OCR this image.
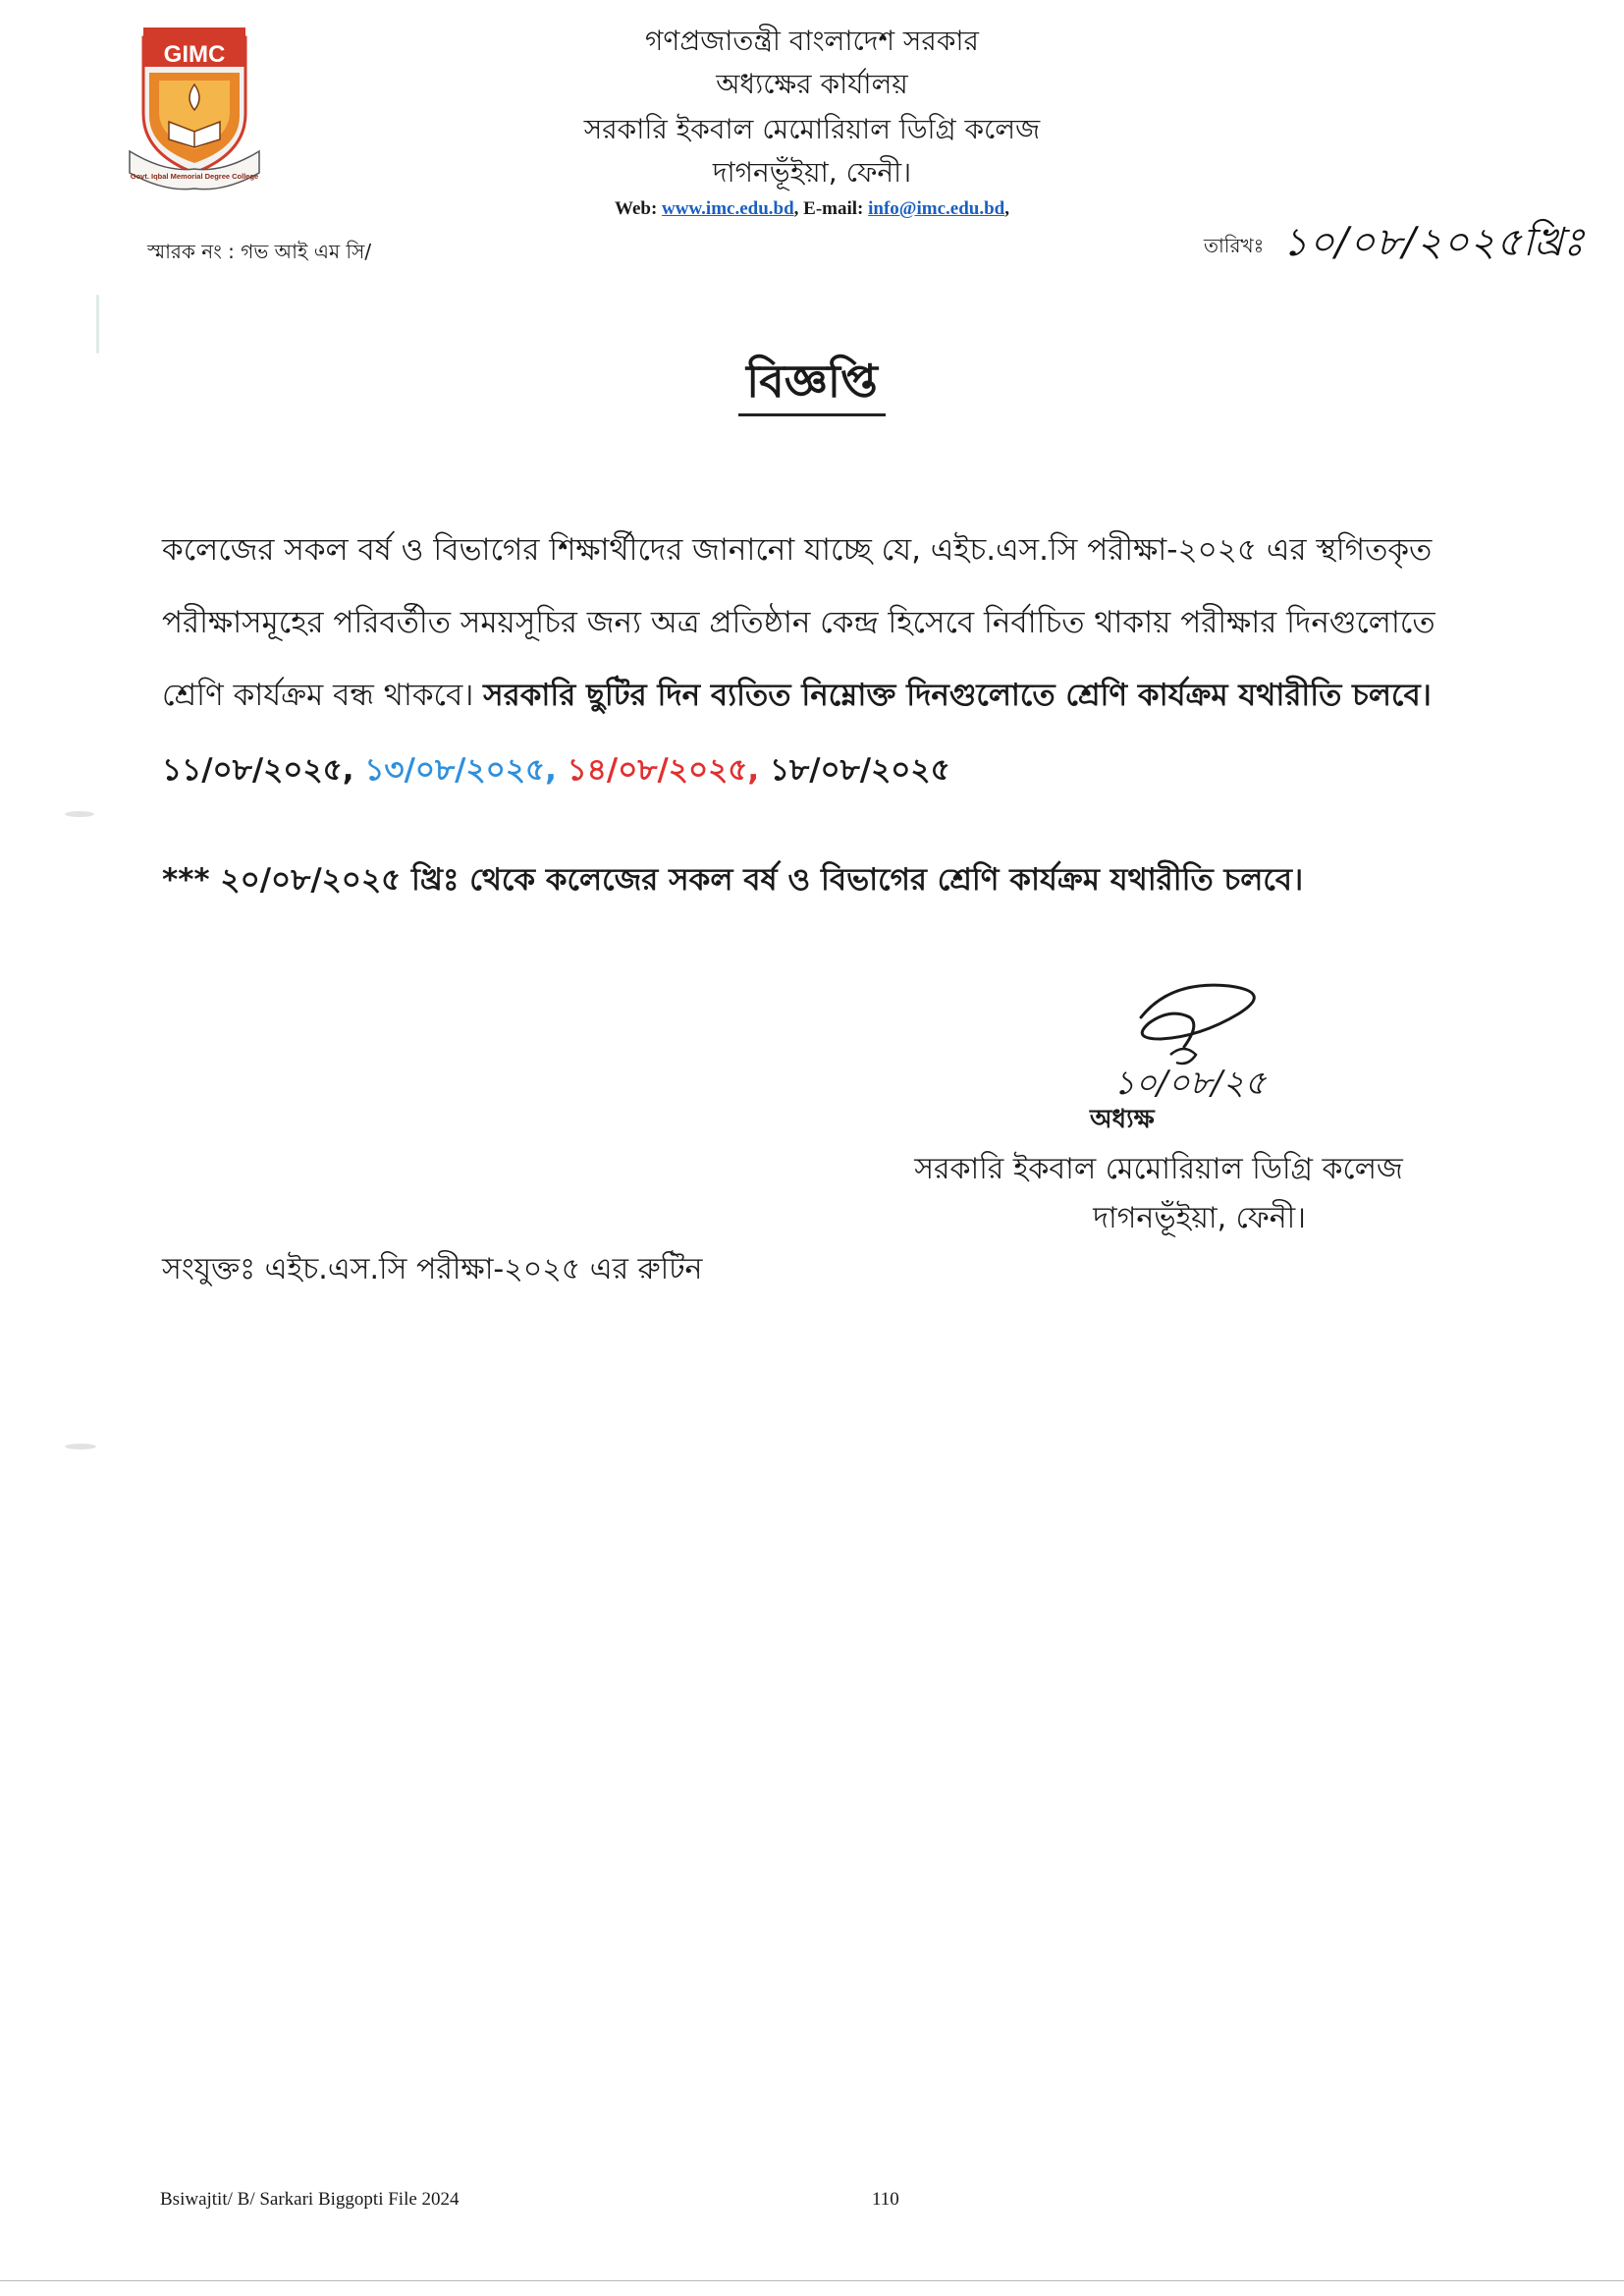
GIMC
Govt. Iqbal Memorial Degree College
গণপ্রজাতন্ত্রী বাংলাদেশ সরকার
অধ্যক্ষের কার্যালয়
সরকারি ইকবাল মেমোরিয়াল ডিগ্রি কলেজ
দাগনভূঁইয়া, ফেনী।
Web: www.imc.edu.bd, E-mail: info@imc.edu.bd,
স্মারক নং : গভ আই এম সি/	তারিখঃ ১০/০৮/২০২৫খ্রিঃ
বিজ্ঞপ্তি
কলেজের সকল বর্ষ ও বিভাগের শিক্ষার্থীদের জানানো যাচ্ছে যে, এইচ.এস.সি পরীক্ষা-২০২৫ এর স্থগিতকৃত
পরীক্ষাসমূহের পরিবর্তীত সময়সূচির জন্য অত্র প্রতিষ্ঠান কেন্দ্র হিসেবে নির্বাচিত থাকায় পরীক্ষার দিনগুলোতে
শ্রেণি কার্যক্রম বন্ধ থাকবে। সরকারি ছুটির দিন ব্যতিত নিম্নোক্ত দিনগুলোতে শ্রেণি কার্যক্রম যথারীতি চলবে।
১১/০৮/২০২৫, ১৩/০৮/২০২৫, ১৪/০৮/২০২৫, ১৮/০৮/২০২৫
*** ২০/০৮/২০২৫ খ্রিঃ থেকে কলেজের সকল বর্ষ ও বিভাগের শ্রেণি কার্যক্রম যথারীতি চলবে।
১০/০৮/২৫
অধ্যক্ষ
সরকারি ইকবাল মেমোরিয়াল ডিগ্রি কলেজ
দাগনভূঁইয়া, ফেনী।
সংযুক্তঃ এইচ.এস.সি পরীক্ষা-২০২৫ এর রুটিন
Bsiwajtit/ B/ Sarkari Biggopti File 2024	110
